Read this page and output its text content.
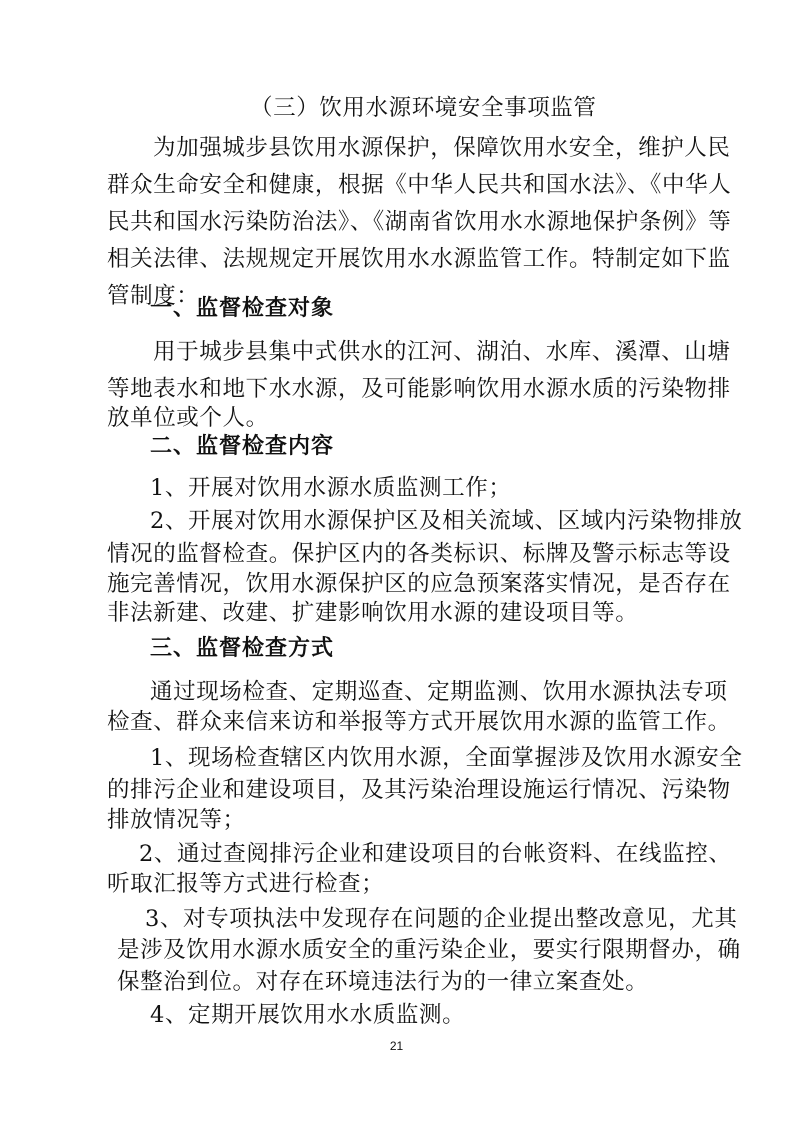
（三）饮用水源环境安全事项监管
为加强城步县饮用水源保护，保障饮用水安全，维护人民
群众生命安全和健康，根据《中华人民共和国水法》、《中华人
民共和国水污染防治法》、《湖南省饮用水水源地保护条例》等
相关法律、法规规定开展饮用水水源监管工作。特制定如下监
管制度：
一、监督检查对象
用于城步县集中式供水的江河、湖泊、水库、溪潭、山塘
等地表水和地下水水源，及可能影响饮用水源水质的污染物排
放单位或个人。
二、监督检查内容
1、开展对饮用水源水质监测工作；
2、开展对饮用水源保护区及相关流域、区域内污染物排放
情况的监督检查。保护区内的各类标识、标牌及警示标志等设
施完善情况，饮用水源保护区的应急预案落实情况，是否存在
非法新建、改建、扩建影响饮用水源的建设项目等。
三、监督检查方式
通过现场检查、定期巡查、定期监测、饮用水源执法专项
检查、群众来信来访和举报等方式开展饮用水源的监管工作。
1、现场检查辖区内饮用水源，全面掌握涉及饮用水源安全
的排污企业和建设项目，及其污染治理设施运行情况、污染物
排放情况等；
2、通过查阅排污企业和建设项目的台帐资料、在线监控、
听取汇报等方式进行检查；
3、对专项执法中发现存在问题的企业提出整改意见，尤其
是涉及饮用水源水质安全的重污染企业，要实行限期督办，确
保整治到位。对存在环境违法行为的一律立案查处。
4、定期开展饮用水水质监测。
21
